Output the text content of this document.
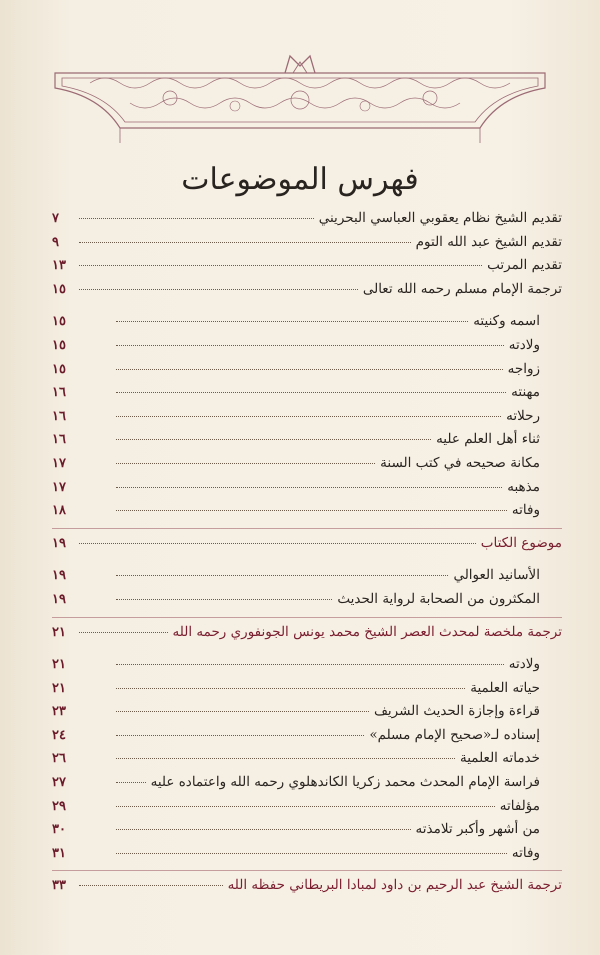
فهرس الموضوعات
تقديم الشيخ نظام يعقوبي العباسي البحريني
٧
تقديم الشيخ عبد الله التوم
٩
تقديم المرتب
١٣
ترجمة الإمام مسلم رحمه الله تعالى
١٥
اسمه وكنيته
١٥
ولادته
١٥
زواجه
١٥
مهنته
١٦
رحلاته
١٦
ثناء أهل العلم عليه
١٦
مكانة صحيحه في كتب السنة
١٧
مذهبه
١٧
وفاته
١٨
موضوع الكتاب
١٩
الأسانيد العوالي
١٩
المكثرون من الصحابة لرواية الحديث
١٩
ترجمة ملخصة لمحدث العصر الشيخ محمد يونس الجونفوري رحمه الله
٢١
ولادته
٢١
حياته العلمية
٢١
قراءة وإجازة الحديث الشريف
٢٣
إسناده لـ«صحيح الإمام مسلم»
٢٤
خدماته العلمية
٢٦
فراسة الإمام المحدث محمد زكريا الكاندهلوي رحمه الله واعتماده عليه
٢٧
مؤلفاته
٢٩
من أشهر وأكبر تلامذته
٣٠
وفاته
٣١
ترجمة الشيخ عبد الرحيم بن داود لمبادا البريطاني حفظه الله
٣٣
